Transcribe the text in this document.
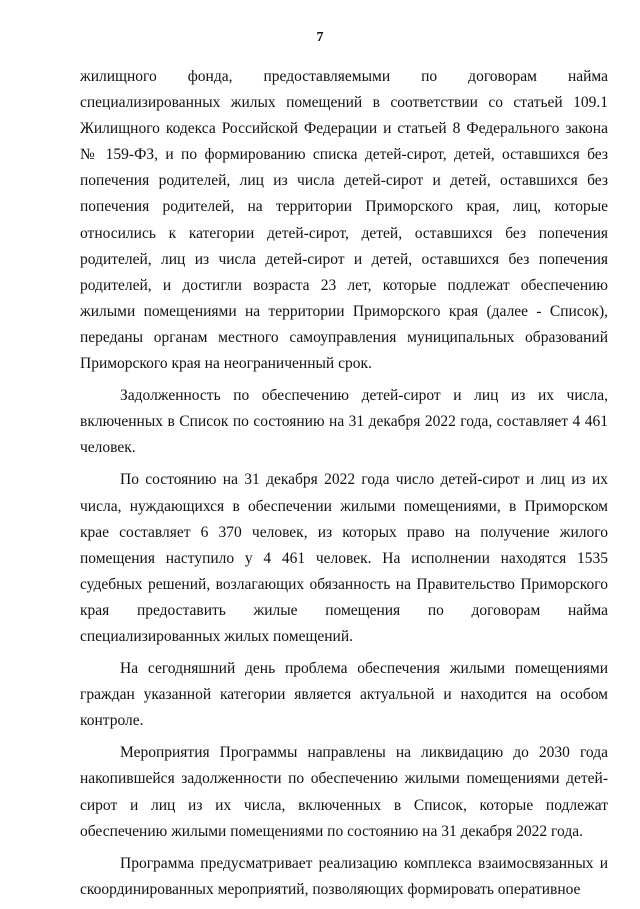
7

жилищного фонда, предоставляемыми по договорам найма специализированных жилых помещений в соответствии со статьей 109.1 Жилищного кодекса Российской Федерации и статьей 8 Федерального закона № 159-ФЗ, и по формированию списка детей-сирот, детей, оставшихся без попечения родителей, лиц из числа детей-сирот и детей, оставшихся без попечения родителей, на территории Приморского края, лиц, которые относились к категории детей-сирот, детей, оставшихся без попечения родителей, лиц из числа детей-сирот и детей, оставшихся без попечения родителей, и достигли возраста 23 лет, которые подлежат обеспечению жилыми помещениями на территории Приморского края (далее - Список), переданы органам местного самоуправления муниципальных образований Приморского края на неограниченный срок.

Задолженность по обеспечению детей-сирот и лиц из их числа, включенных в Список по состоянию на 31 декабря 2022 года, составляет 4 461 человек.

По состоянию на 31 декабря 2022 года число детей-сирот и лиц из их числа, нуждающихся в обеспечении жилыми помещениями, в Приморском крае составляет 6 370 человек, из которых право на получение жилого помещения наступило у 4 461 человек. На исполнении находятся 1535 судебных решений, возлагающих обязанность на Правительство Приморского края предоставить жилые помещения по договорам найма специализированных жилых помещений.

На сегодняшний день проблема обеспечения жилыми помещениями граждан указанной категории является актуальной и находится на особом контроле.

Мероприятия Программы направлены на ликвидацию до 2030 года накопившейся задолженности по обеспечению жилыми помещениями детей-сирот и лиц из их числа, включенных в Список, которые подлежат обеспечению жилыми помещениями по состоянию на 31 декабря 2022 года.

Программа предусматривает реализацию комплекса взаимосвязанных и скоординированных мероприятий, позволяющих формировать оперативное
